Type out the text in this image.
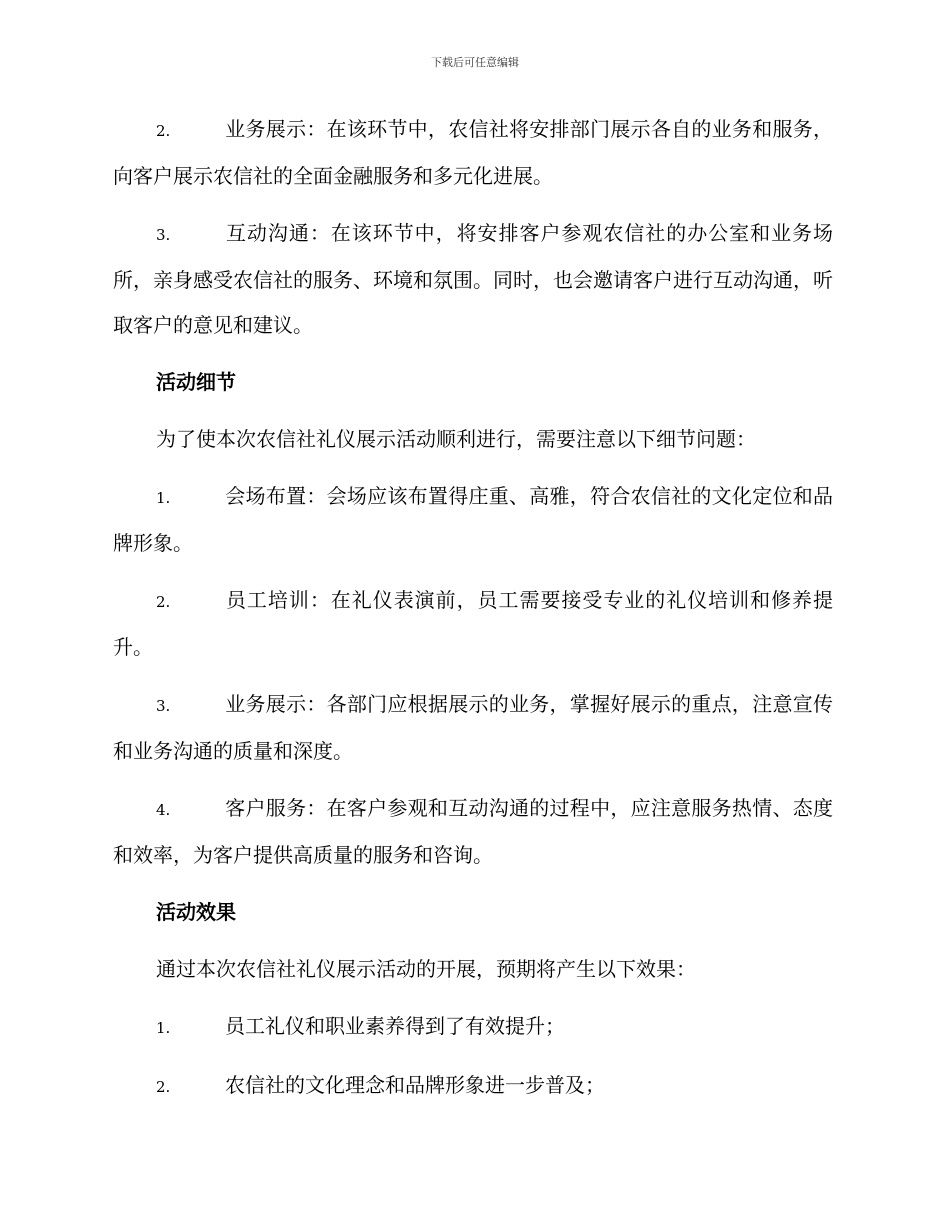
下载后可任意编辑
2.	业务展示：在该环节中，农信社将安排部门展示各自的业务和服务，向客户展示农信社的全面金融服务和多元化进展。
3.	互动沟通：在该环节中，将安排客户参观农信社的办公室和业务场所，亲身感受农信社的服务、环境和氛围。同时，也会邀请客户进行互动沟通，听取客户的意见和建议。
活动细节
为了使本次农信社礼仪展示活动顺利进行，需要注意以下细节问题：
1.	会场布置：会场应该布置得庄重、高雅，符合农信社的文化定位和品牌形象。
2.	员工培训：在礼仪表演前，员工需要接受专业的礼仪培训和修养提升。
3.	业务展示：各部门应根据展示的业务，掌握好展示的重点，注意宣传和业务沟通的质量和深度。
4.	客户服务：在客户参观和互动沟通的过程中，应注意服务热情、态度和效率，为客户提供高质量的服务和咨询。
活动效果
通过本次农信社礼仪展示活动的开展，预期将产生以下效果：
1.	员工礼仪和职业素养得到了有效提升；
2.	农信社的文化理念和品牌形象进一步普及；
